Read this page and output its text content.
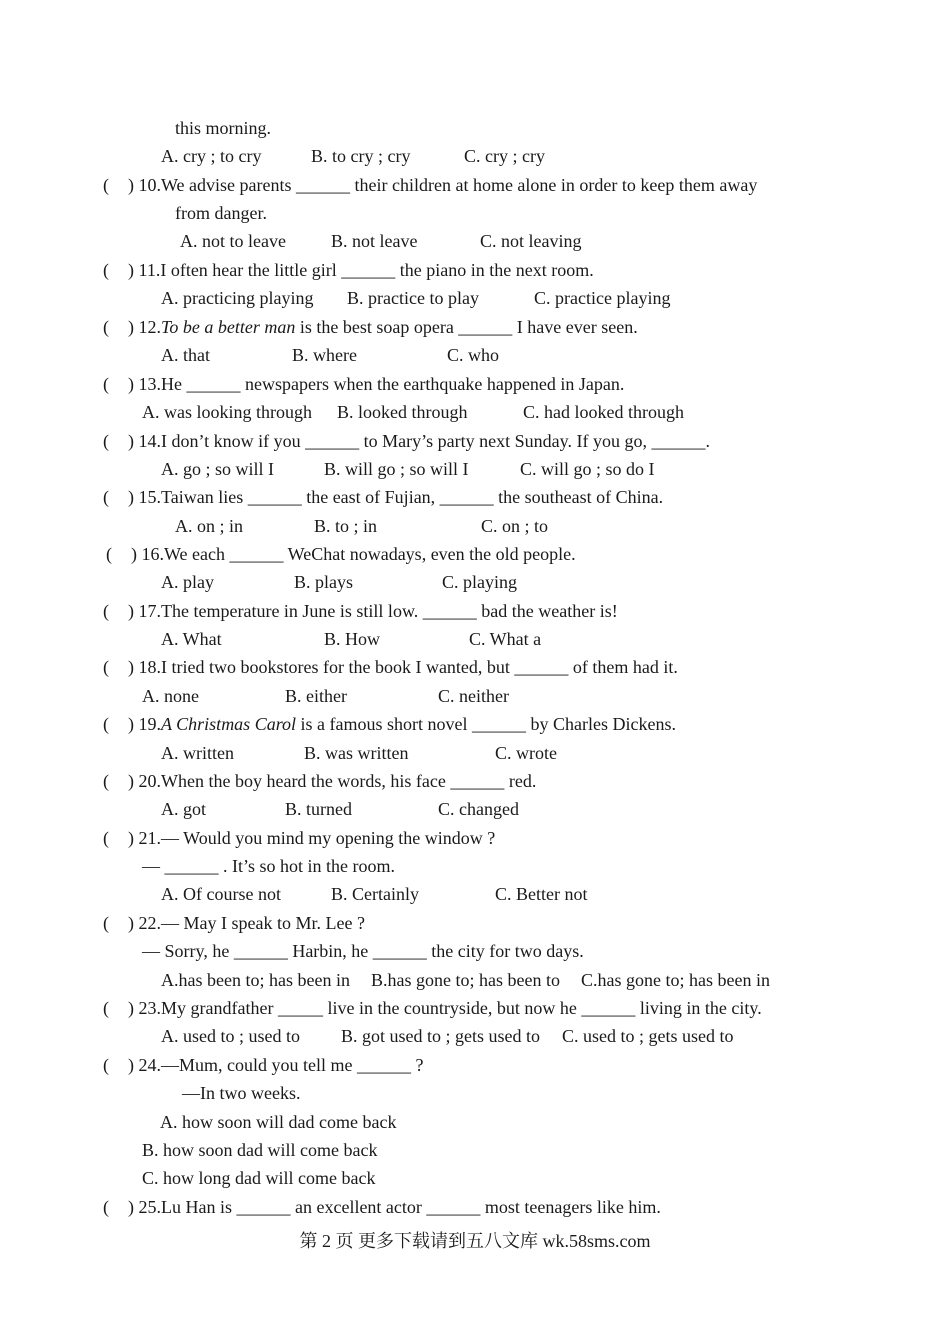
this morning.
A. cry ; to cry	B. to cry ; cry	C. cry ; cry
( ) 10.We advise parents ______ their children at home alone in order to keep them away
from danger.
A. not to leave	B. not leave	C. not leaving
( ) 11.I often hear the little girl ______ the piano in the next room.
A. practicing playing B. practice to play	C. practice playing
( ) 12.To be a better man is the best soap opera ______ I have ever seen.
A. that	B. where	C. who
( ) 13.He ______ newspapers when the earthquake happened in Japan.
A. was looking through B. looked through	C. had looked through
( ) 14.I don’t know if you ______ to Mary’s party next Sunday. If you go, ______.
A. go ; so will I	B. will go ; so will I	C. will go ; so do I
( ) 15.Taiwan lies ______ the east of Fujian, ______ the southeast of China.
A. on ; in	B. to ; in	C. on ; to
( ) 16.We each ______ WeChat nowadays, even the old people.
A. play	B. plays	C. playing
( ) 17.The temperature in June is still low. ______ bad the weather is!
A. What	B. How	C. What a
( ) 18.I tried two bookstores for the book I wanted, but ______ of them had it.
A. none	B. either	C. neither
( ) 19.A Christmas Carol is a famous short novel ______ by Charles Dickens.
A. written	B. was written	C. wrote
( ) 20.When the boy heard the words, his face ______ red.
A. got	B. turned	C. changed
( ) 21.— Would you mind my opening the window ?
— ______ . It’s so hot in the room.
A. Of course not	B. Certainly	C. Better not
( ) 22.— May I speak to Mr. Lee ?
— Sorry, he ______ Harbin, he ______ the city for two days.
A.has been to; has been in B.has gone to; has been to C.has gone to; has been in
( ) 23.My grandfather _____ live in the countryside, but now he ______ living in the city.
A. used to ; used to B. got used to ; gets used to C. used to ; gets used to
( ) 24.—Mum, could you tell me ______ ?
—In two weeks.
A. how soon will dad come back
B. how soon dad will come back
C. how long dad will come back
( ) 25.Lu Han is ______ an excellent actor ______ most teenagers like him.
第 2 页 更多下载请到五八文库 wk.58sms.com
